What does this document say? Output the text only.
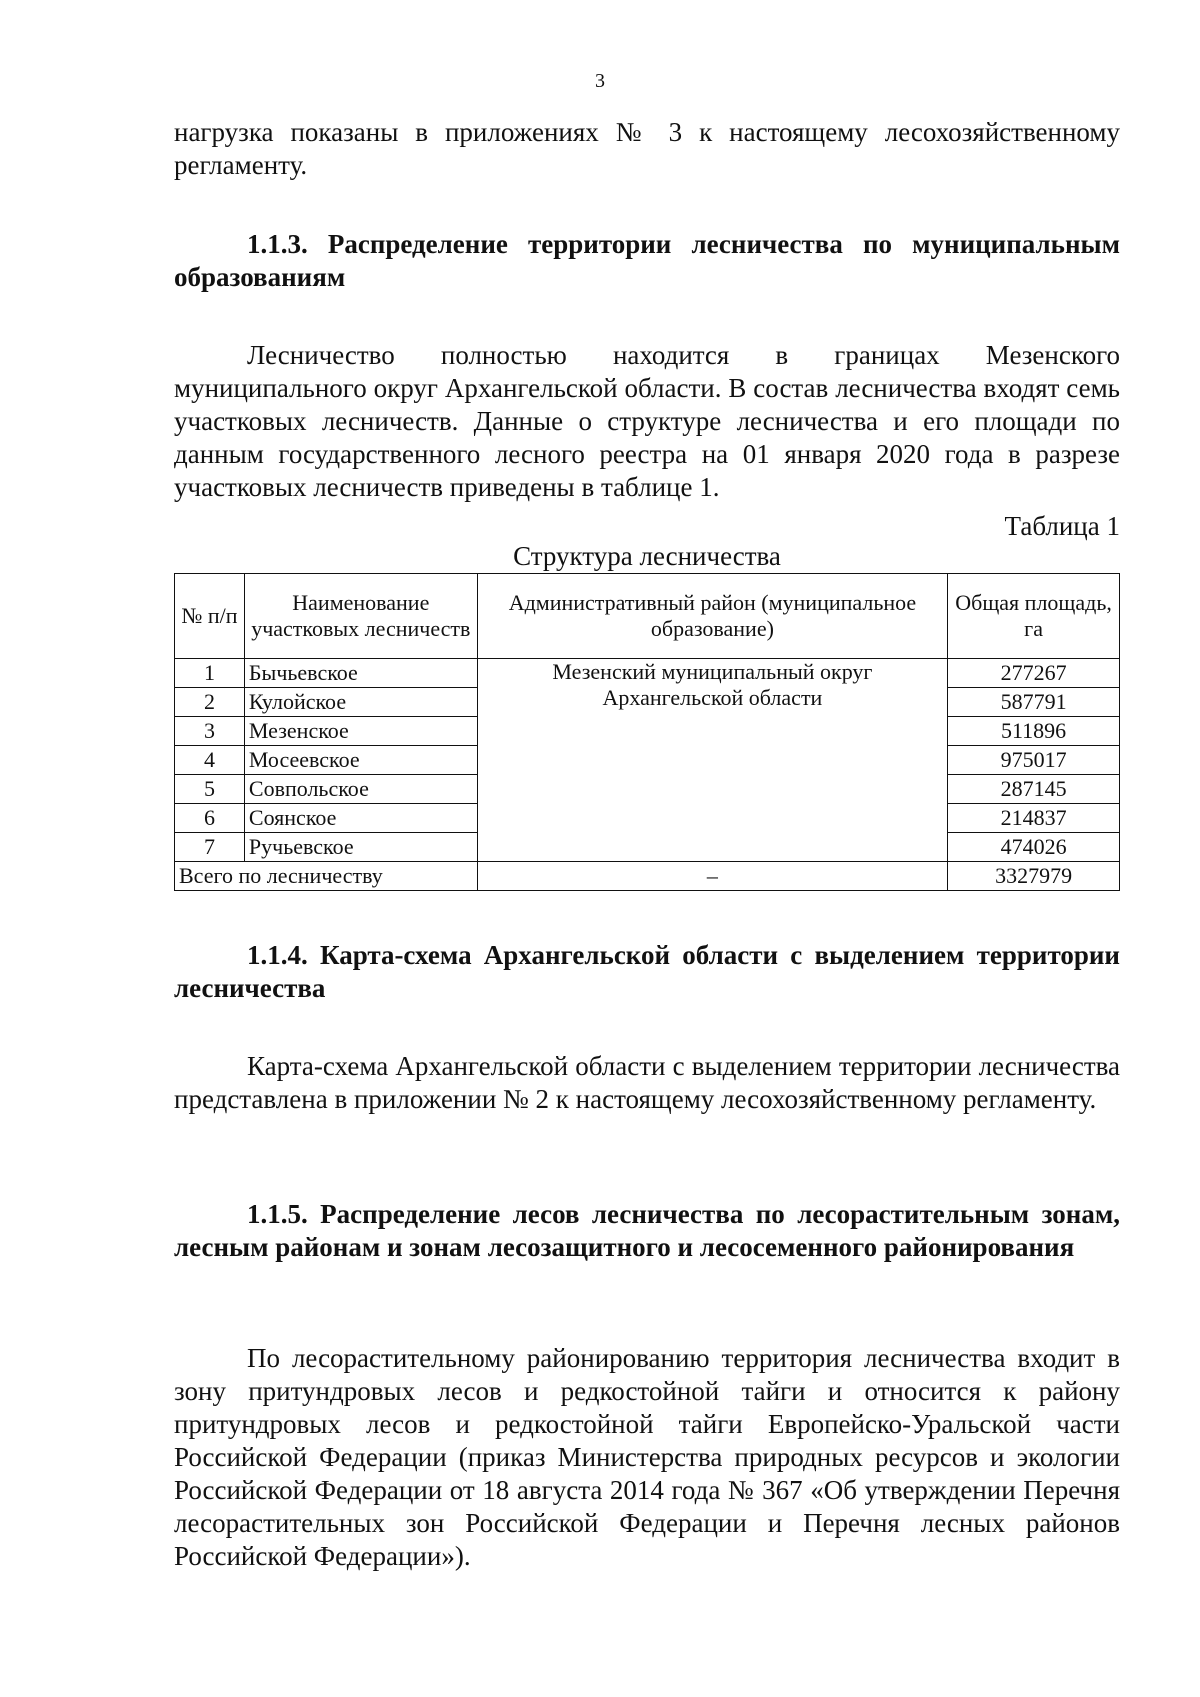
3

нагрузка показаны в приложениях № 3 к настоящему лесохозяйственному регламенту.

1.1.3. Распределение территории лесничества по муниципальным образованиям

Лесничество полностью находится в границах Мезенского муниципального округ Архангельской области. В состав лесничества входят семь участковых лесничеств. Данные о структуре лесничества и его площади по данным государственного лесного реестра на 01 января 2020 года в разрезе участковых лесничеств приведены в таблице 1.

Таблица 1
Структура лесничества
№ п/п	Наименование участковых лесничеств	Административный район (муниципальное образование)	Общая площадь, га
1	Бычьевское	Мезенский муниципальный округ Архангельской области	277267
2	Кулойское		587791
3	Мезенское		511896
4	Мосеевское		975017
5	Совпольское		287145
6	Соянское		214837
7	Ручьевское		474026
Всего по лесничеству		–	3327979

1.1.4. Карта-схема Архангельской области с выделением территории лесничества

Карта-схема Архангельской области с выделением территории лесничества представлена в приложении № 2 к настоящему лесохозяйственному регламенту.

1.1.5. Распределение лесов лесничества по лесорастительным зонам, лесным районам и зонам лесозащитного и лесосеменного районирования

По лесорастительному районированию территория лесничества входит в зону притундровых лесов и редкостойной тайги и относится к району притундровых лесов и редкостойной тайги Европейско-Уральской части Российской Федерации (приказ Министерства природных ресурсов и экологии Российской Федерации от 18 августа 2014 года № 367 «Об утверждении Перечня лесорастительных зон Российской Федерации и Перечня лесных районов Российской Федерации»).
